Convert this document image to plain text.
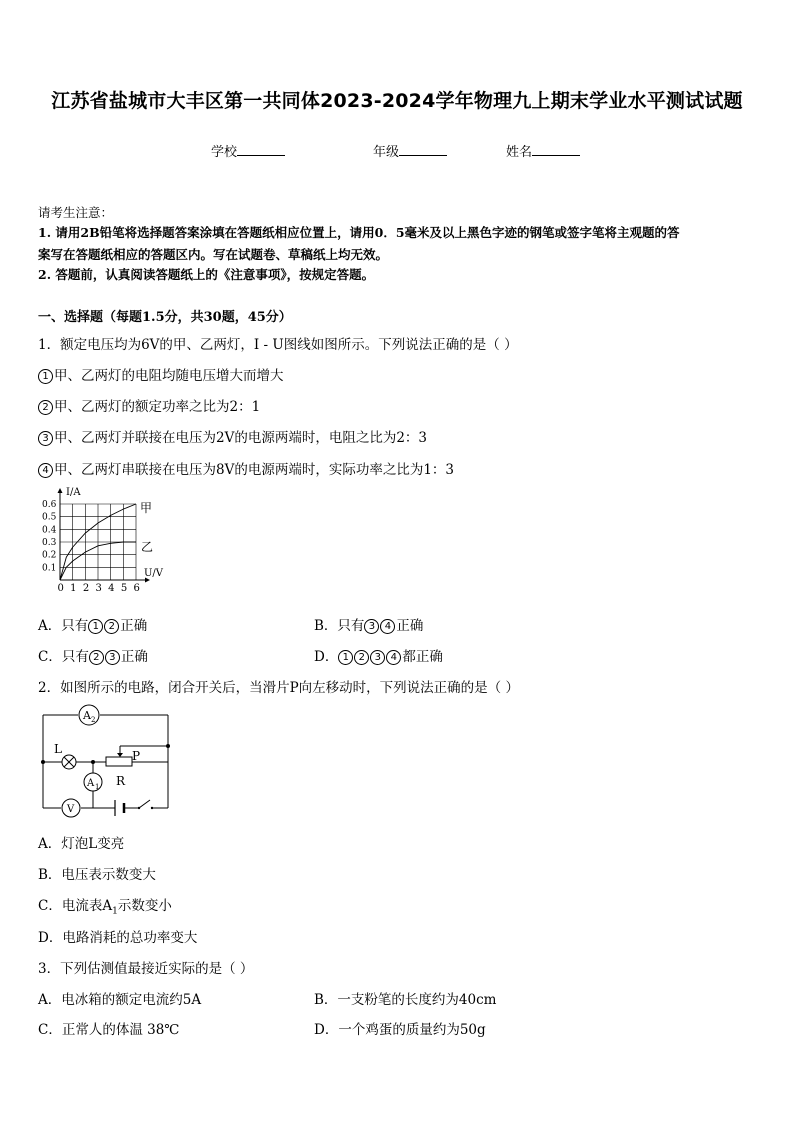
江苏省盐城市大丰区第一共同体2023-2024学年物理九上期末学业水平测试试题
学校	年级	姓名
请考生注意：
1. 请用2B铅笔将选择题答案涂填在答题纸相应位置上，请用0．5毫米及以上黑色字迹的钢笔或签字笔将主观题的答
案写在答题纸相应的答题区内。写在试题卷、草稿纸上均无效。
2. 答题前，认真阅读答题纸上的《注意事项》，按规定答题。
一、选择题（每题1.5分，共30题，45分）
1．额定电压均为6V的甲、乙两灯，I - U图线如图所示。下列说法正确的是（ ）
1 甲、乙两灯的电阻均随电压增大而增大
2 甲、乙两灯的额定功率之比为2：1
3 甲、乙两灯并联接在电压为2V的电源两端时，电阻之比为2：3
4 甲、乙两灯串联接在电压为8V的电源两端时，实际功率之比为1：3
0 1 2 3 4 5 6
0.1
0.2
0.3
0.4
0.5
0.6
I/A
U/V
甲
乙
A．只有 1 2 正确	B．只有 3 4 正确
C．只有 2 3 正确	D． 1 2 3 4 都正确
2．如图所示的电路，闭合开关后，当滑片P向左移动时，下列说法正确的是（ ）
A 2
L	P
R
A 1
V
A．灯泡L变亮
B．电压表示数变大
C．电流表$A_1$示数变小
D．电路消耗的总功率变大
3．下列估测值最接近实际的是（ ）
A．电冰箱的额定电流约5A	B．一支粉笔的长度约为40cm
C．正常人的体温 38℃	D．一个鸡蛋的质量约为50g
